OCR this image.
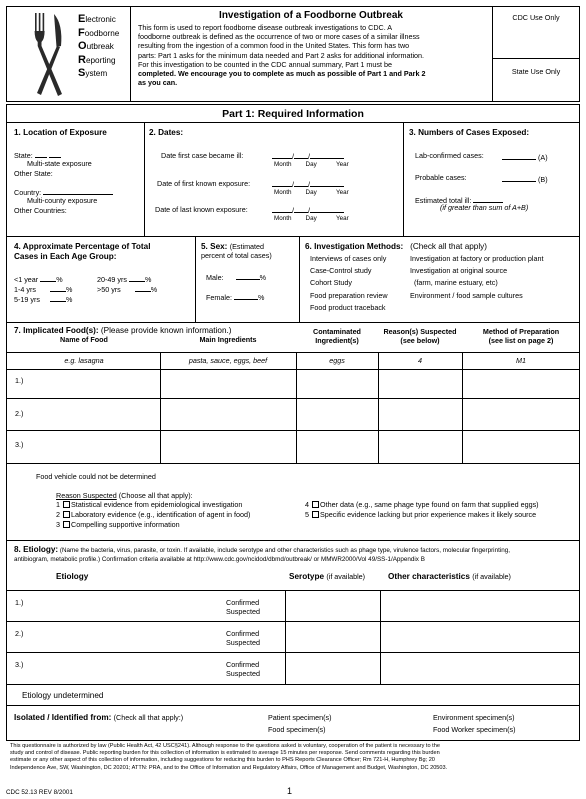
Electronic
Foodborne
Outbreak
Reporting
System
Investigation of a Foodborne Outbreak
This form is used to report foodborne disease outbreak investigations to CDC. A
foodborne outbreak is defined as the occurrence of two or more cases of a similar illness
resulting from the ingestion of a common food in the United States. This form has two
parts: Part 1 asks for the minimum data needed and Part 2 asks for additional information.
For this investigation to be counted in the CDC annual summary, Part 1 must be
completed. We encourage you to complete as much as possible of Part 1 and Park 2
as you can.
CDC Use Only
State Use Only
Part 1: Required Information
1. Location of Exposure
State:
Multi-state exposure
Other State:
Country:
Multi-county exposure
Other Countries:
2. Dates:
Date first case became ill:	/ /
Month Day	Year
Date of first known exposure:	/ /
Month Day	Year
Date of last known exposure:	/ /
Month Day	Year
3. Numbers of Cases Exposed:
Lab-confirmed cases:	(A)
Probable cases:	(B)
Estimated total ill:
(if greater than sum of A+B)
4. Approximate Percentage of Total
Cases in Each Age Group:
<1 year	%
1-4 yrs	%
5-19 yrs	%
20-49 yrs	%
>50 yrs	%
5. Sex: (Estimated
percent of total cases)
Male:	%
Female:	%
6. Investigation Methods: (Check all that apply)
Interviews of cases only
Case-Control study
Cohort Study
Food preparation review
Food product traceback
Investigation at factory or production plant
Investigation at original source
(farm, marine estuary, etc)
Environment / food sample cultures
7. Implicated Food(s): (Please provide known information.)
Name of Food	Main Ingredients
Contaminated
Ingredient(s)
Reason(s) Suspected
(see below)
Method of Preparation
(see list on page 2)
e.g. lasagna	pasta, sauce, eggs, beef	eggs	4	M1
1.)
2.)
3.)
Food vehicle could not be determined
Reason Suspected (Choose all that apply):
1 Statistical evidence from epidemiological investigation
2 Laboratory evidence (e.g., identification of agent in food)
3 Compelling supportive information
4 Other data (e.g., same phage type found on farm that supplied eggs)
5 Specific evidence lacking but prior experience makes it likely source
8. Etiology: (Name the bacteria, virus, parasite, or toxin. If available, include serotype and other characteristics such as phage type, virulence factors, molecular fingerprinting,
antibiogram, metabolic profile.) Confirmation criteria available at http://www.cdc.gov/ncidod/dbmd/outbreak/ or MMWR2000/Vol 49/SS-1/Appendix B
Etiology	Serotype (if available)	Other characteristics (if available)
1.)	Confirmed
Suspected
2.)	Confirmed
Suspected
3.)	Confirmed
Suspected
Etiology undetermined
Isolated / Identified from: (Check all that apply:)	Patient specimen(s)
Food specimen(s)
Environment specimen(s)
Food Worker specimen(s)
This questionnaire is authorized by law (Public Health Act, 42 USC§241). Although response to the questions asked is voluntary, cooperation of the patient is necessary to the
study and control of disease. Public reporting burden for this collection of information is estimated to average 15 minutes per response. Send comments regarding this burden
estimate or any other aspect of this collection of information, including suggestions for reducing this burden to PHS Reports Clearance Officer; Rm 721-H, Humphrey Bg; 20
Independence Ave, SW, Washington, DC 20201; ATTN: PRA, and to the Office of Information and Regulatory Affairs, Office of Management and Budget, Washington, DC 20503.
CDC 52.13 REV 8/2001	1
